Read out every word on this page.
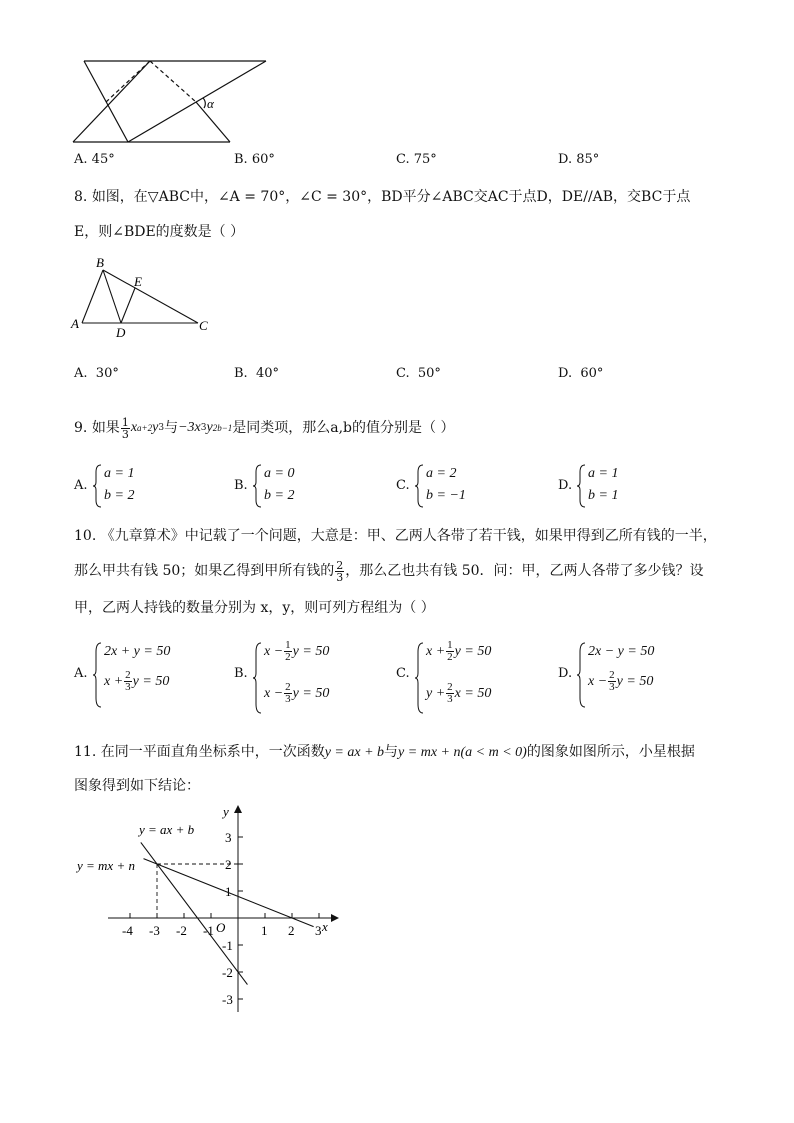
α
A. 45°	B. 60°	C. 75°	D. 85°
8. 如图，在▽ABC中，∠A = 70°，∠C = 30°，BD平分∠ABC交AC于点D，DE//AB，交BC于点
E，则∠BDE的度数是（ ）
B
E
A
D	C
A. 30°	B. 40°	C. 50°	D. 60°
9.
如果 $\frac{1}{3}$ x a+2 y 3 与 −3x 3 y 2b−1 是同类项，那么a,b的值分别是（ ）
A.
a = 1
b = 2
B.
a = 0
b = 2
C.
a = 2
b = −1
D.
a = 1
b = 1
10. 《九章算术》中记载了一个问题，大意是：甲、乙两人各带了若干钱，如果甲得到乙所有钱的一半，
那么甲共有钱 50；如果乙得到甲所有钱的 $\frac{2}{3}$ ，那么乙也共有钱 50．问：甲，乙两人各带了多少钱？设
甲，乙两人持钱的数量分别为 x，y，则可列方程组为（ ）
A.
2x + y = 50
$x + \frac{2}{3}$ y = 50	B.
$x - \frac{1}{2}$ y = 50
$x - \frac{2}{3}$ y = 50
C.
$x + \frac{1}{2}$ y = 50
$y + \frac{2}{3}$ x = 50
D.
2x − y = 50
$x - \frac{2}{3}$ y = 50
11. 在同一平面直角坐标系中，一次函数y = ax + b与y = mx + n(a < m < 0)的图象如图所示，小星根据
图象得到如下结论：
-4 -3 -2 -1	1 2 3
3
2
1
-1
-2
-3
x
y
O
y = ax + b
y = mx + n
